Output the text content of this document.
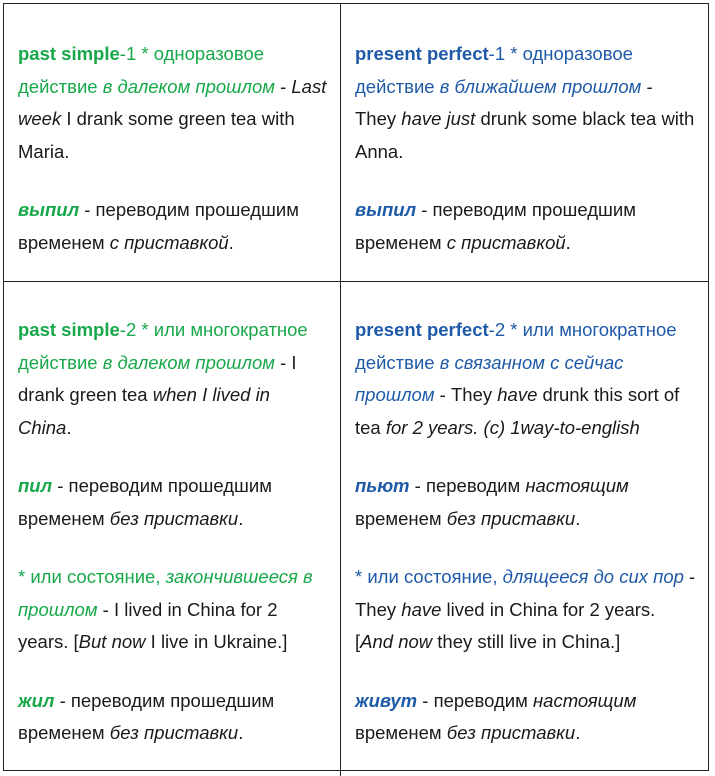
past simple-1 * одноразовое действие в далеком прошлом - Last week I drank some green tea with Maria.

выпил - переводим прошедшим временем с приставкой.

present perfect-1 * одноразовое действие в ближайшем прошлом - They have just drunk some black tea with Anna.

выпил - переводим прошедшим временем с приставкой.

past simple-2 * или многократное действие в далеком прошлом - I drank green tea when I lived in China.

пил - переводим прошедшим временем без приставки.

* или состояние, закончившееся в прошлом - I lived in China for 2 years. [But now I live in Ukraine.]

жил - переводим прошедшим временем без приставки.

present perfect-2 * или многократное действие в связанном с сейчас прошлом - They have drunk this sort of tea for 2 years. (c) 1way-to-english

пьют - переводим настоящим временем без приставки.

* или состояние, длящееся до сих пор - They have lived in China for 2 years. [And now they still live in China.]

живут - переводим настоящим временем без приставки.
